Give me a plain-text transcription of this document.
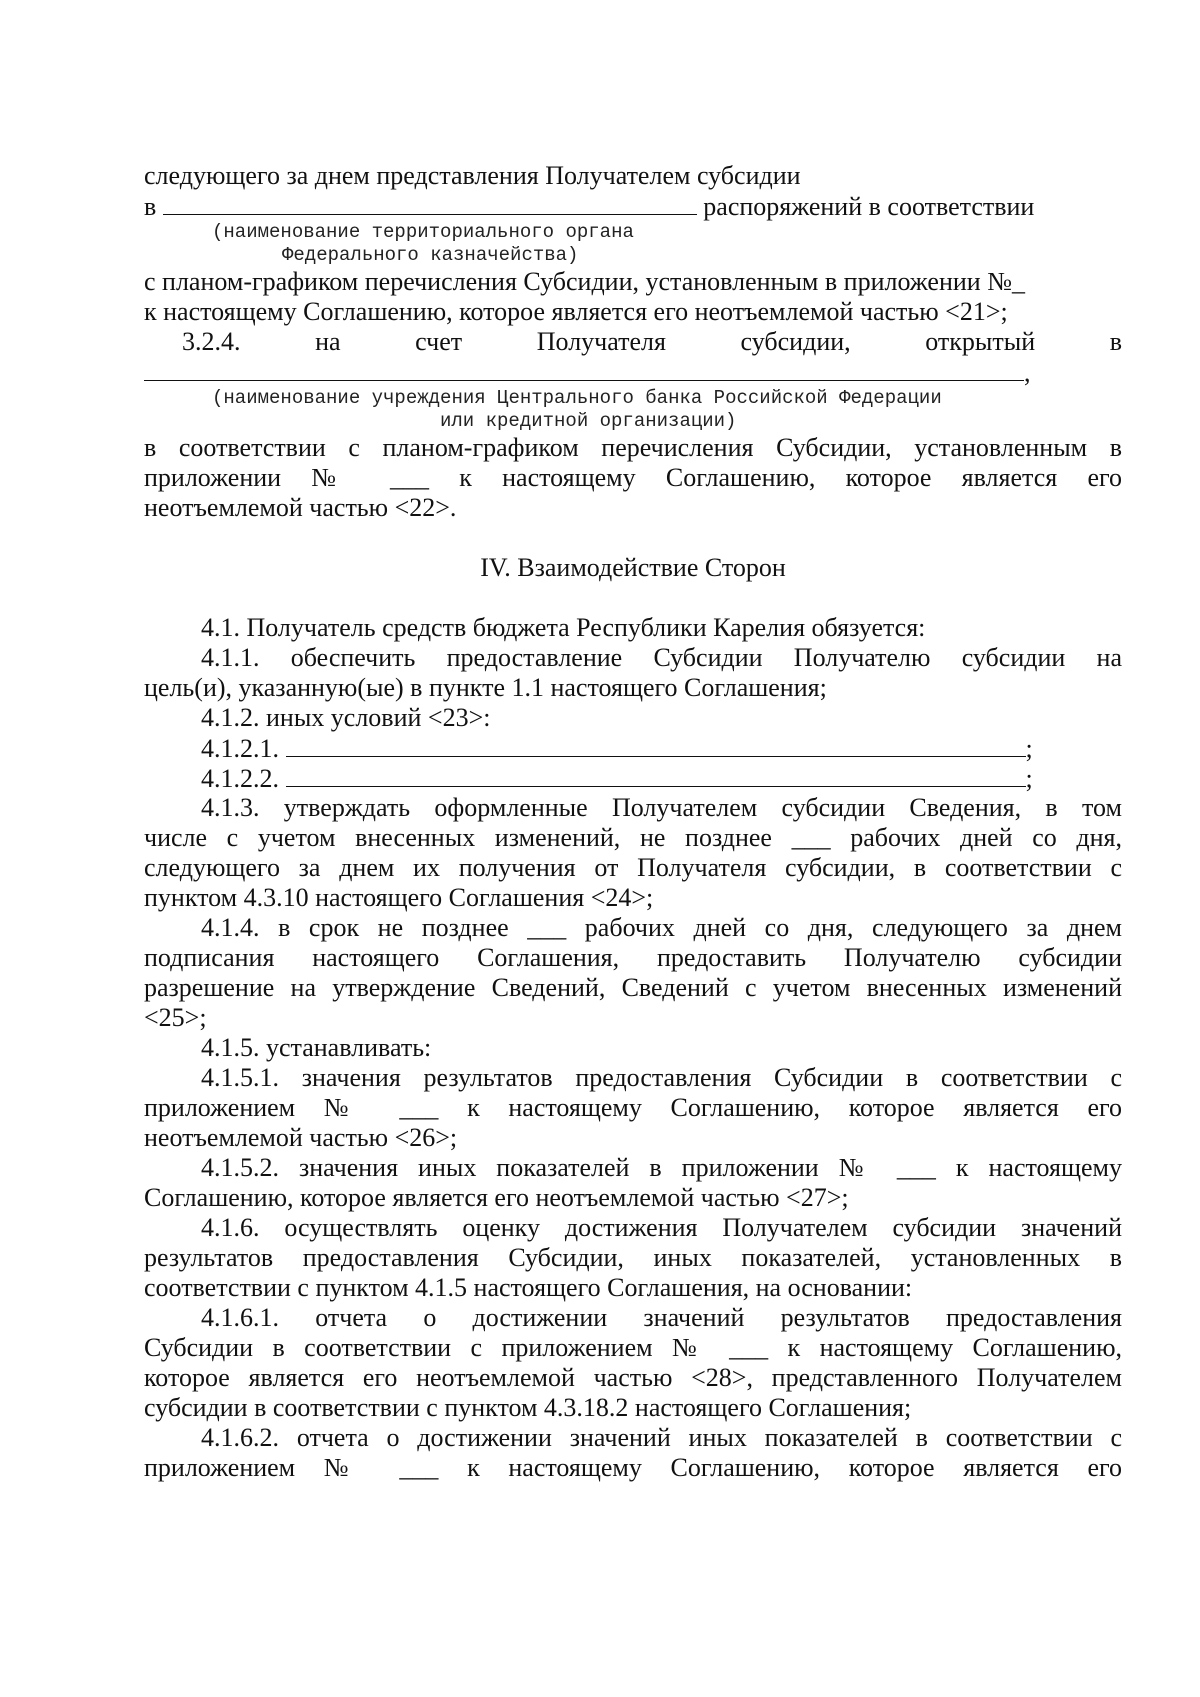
следующего за днем представления Получателем субсидии
в	распоряжений в соответствии
(наименование территориального органа
Федерального казначейства)
с планом-графиком перечисления Субсидии, установленным в приложении №_
к настоящему Соглашению, которое является его неотъемлемой частью <21>;
3.2.4. на счет Получателя субсидии, открытый в
,
(наименование учреждения Центрального банка Российской Федерации
или кредитной организации)
в соответствии с планом-графиком перечисления Субсидии, установленным в
приложении № ___ к настоящему Соглашению, которое является его
неотъемлемой частью <22>.
IV. Взаимодействие Сторон
4.1. Получатель средств бюджета Республики Карелия обязуется:
4.1.1. обеспечить предоставление Субсидии Получателю субсидии на
цель(и), указанную(ые) в пункте 1.1 настоящего Соглашения;
4.1.2. иных условий <23>:
4.1.2.1.	;
4.1.2.2.	;
4.1.3. утверждать оформленные Получателем субсидии Сведения, в том
числе с учетом внесенных изменений, не позднее ___ рабочих дней со дня,
следующего за днем их получения от Получателя субсидии, в соответствии с
пунктом 4.3.10 настоящего Соглашения <24>;
4.1.4. в срок не позднее ___ рабочих дней со дня, следующего за днем
подписания настоящего Соглашения, предоставить Получателю субсидии
разрешение на утверждение Сведений, Сведений с учетом внесенных изменений
<25>;
4.1.5. устанавливать:
4.1.5.1. значения результатов предоставления Субсидии в соответствии с
приложением № ___ к настоящему Соглашению, которое является его
неотъемлемой частью <26>;
4.1.5.2. значения иных показателей в приложении № ___ к настоящему
Соглашению, которое является его неотъемлемой частью <27>;
4.1.6. осуществлять оценку достижения Получателем субсидии значений
результатов предоставления Субсидии, иных показателей, установленных в
соответствии с пунктом 4.1.5 настоящего Соглашения, на основании:
4.1.6.1. отчета о достижении значений результатов предоставления
Субсидии в соответствии с приложением № ___ к настоящему Соглашению,
которое является его неотъемлемой частью <28>, представленного Получателем
субсидии в соответствии с пунктом 4.3.18.2 настоящего Соглашения;
4.1.6.2. отчета о достижении значений иных показателей в соответствии с
приложением № ___ к настоящему Соглашению, которое является его
